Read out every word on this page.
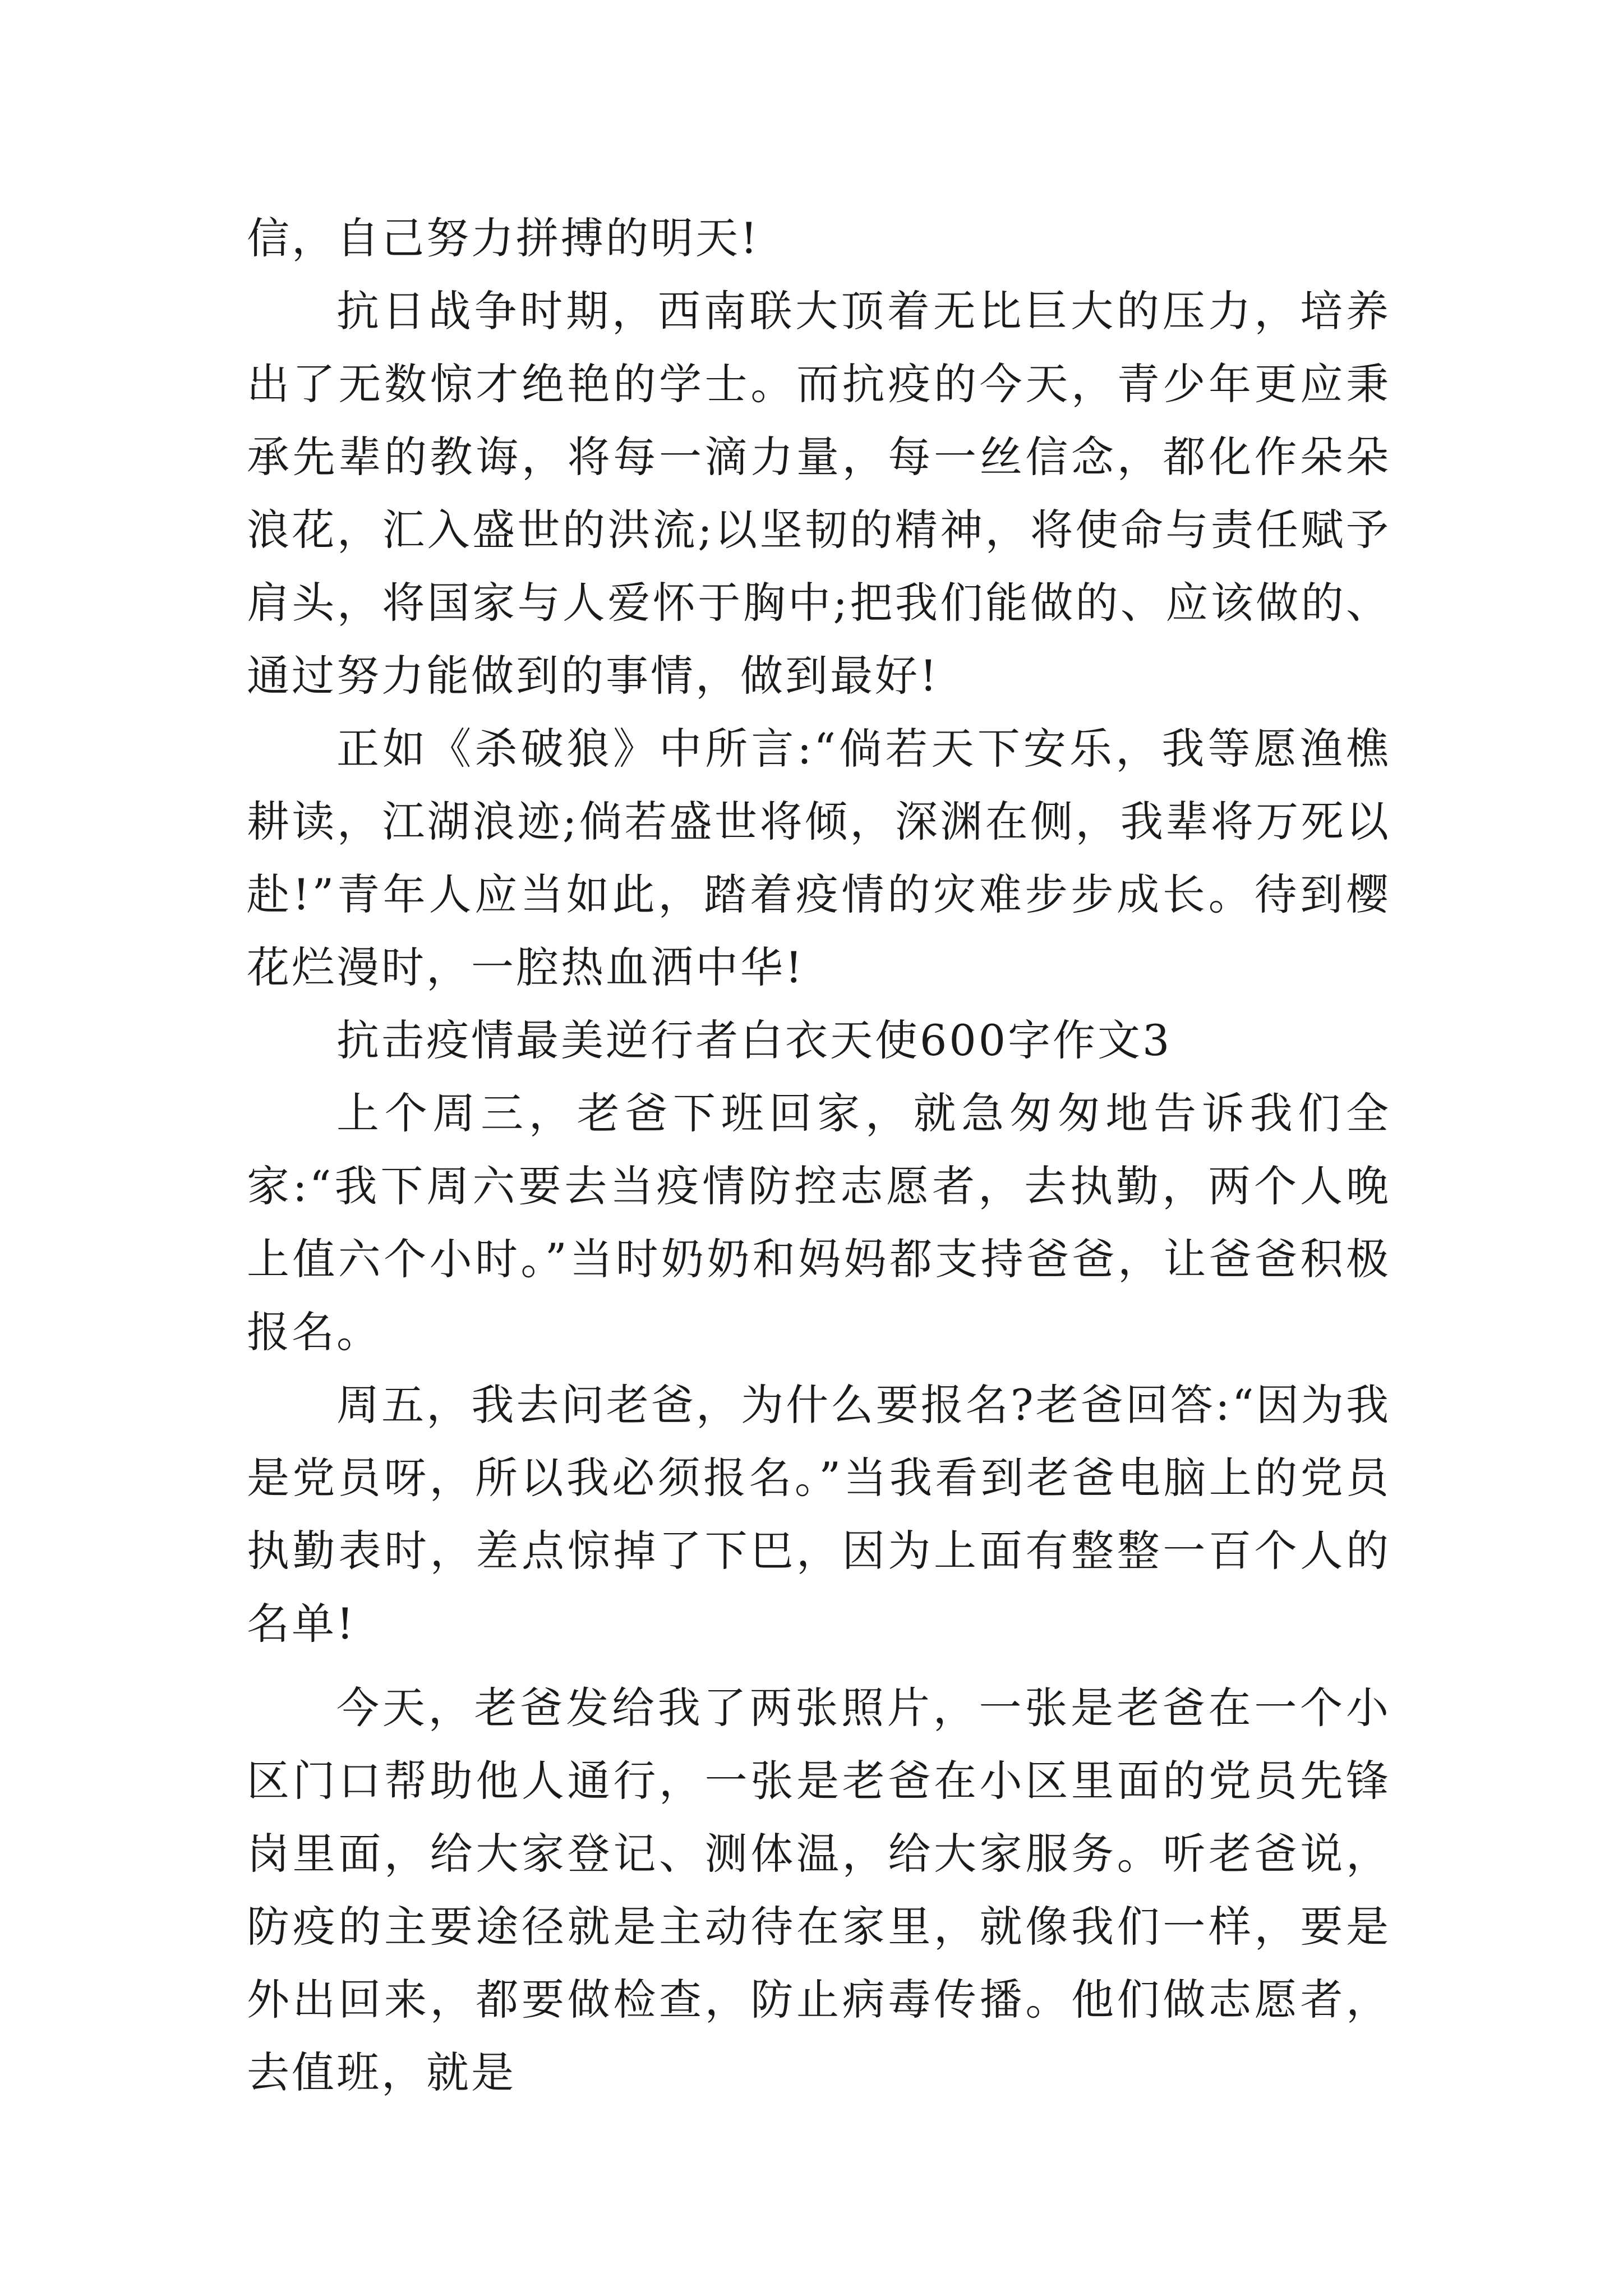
信，自己努力拼搏的明天!

抗日战争时期，西南联大顶着无比巨大的压力，培养出了无数惊才绝艳的学士。而抗疫的今天，青少年更应秉承先辈的教诲，将每一滴力量，每一丝信念，都化作朵朵浪花，汇入盛世的洪流;以坚韧的精神，将使命与责任赋予肩头，将国家与人爱怀于胸中;把我们能做的、应该做的、通过努力能做到的事情，做到最好!

正如《杀破狼》中所言:“倘若天下安乐，我等愿渔樵耕读，江湖浪迹;倘若盛世将倾，深渊在侧，我辈将万死以赴!”青年人应当如此，踏着疫情的灾难步步成长。待到樱花烂漫时，一腔热血洒中华!

抗击疫情最美逆行者白衣天使600字作文3

上个周三，老爸下班回家，就急匆匆地告诉我们全家:“我下周六要去当疫情防控志愿者，去执勤，两个人晚上值六个小时。”当时奶奶和妈妈都支持爸爸，让爸爸积极报名。

周五，我去问老爸，为什么要报名?老爸回答:“因为我是党员呀，所以我必须报名。”当我看到老爸电脑上的党员执勤表时，差点惊掉了下巴，因为上面有整整一百个人的名单!

今天，老爸发给我了两张照片，一张是老爸在一个小区门口帮助他人通行，一张是老爸在小区里面的党员先锋岗里面，给大家登记、测体温，给大家服务。听老爸说，防疫的主要途径就是主动待在家里，就像我们一样，要是外出回来，都要做检查，防止病毒传播。他们做志愿者，去值班，就是
